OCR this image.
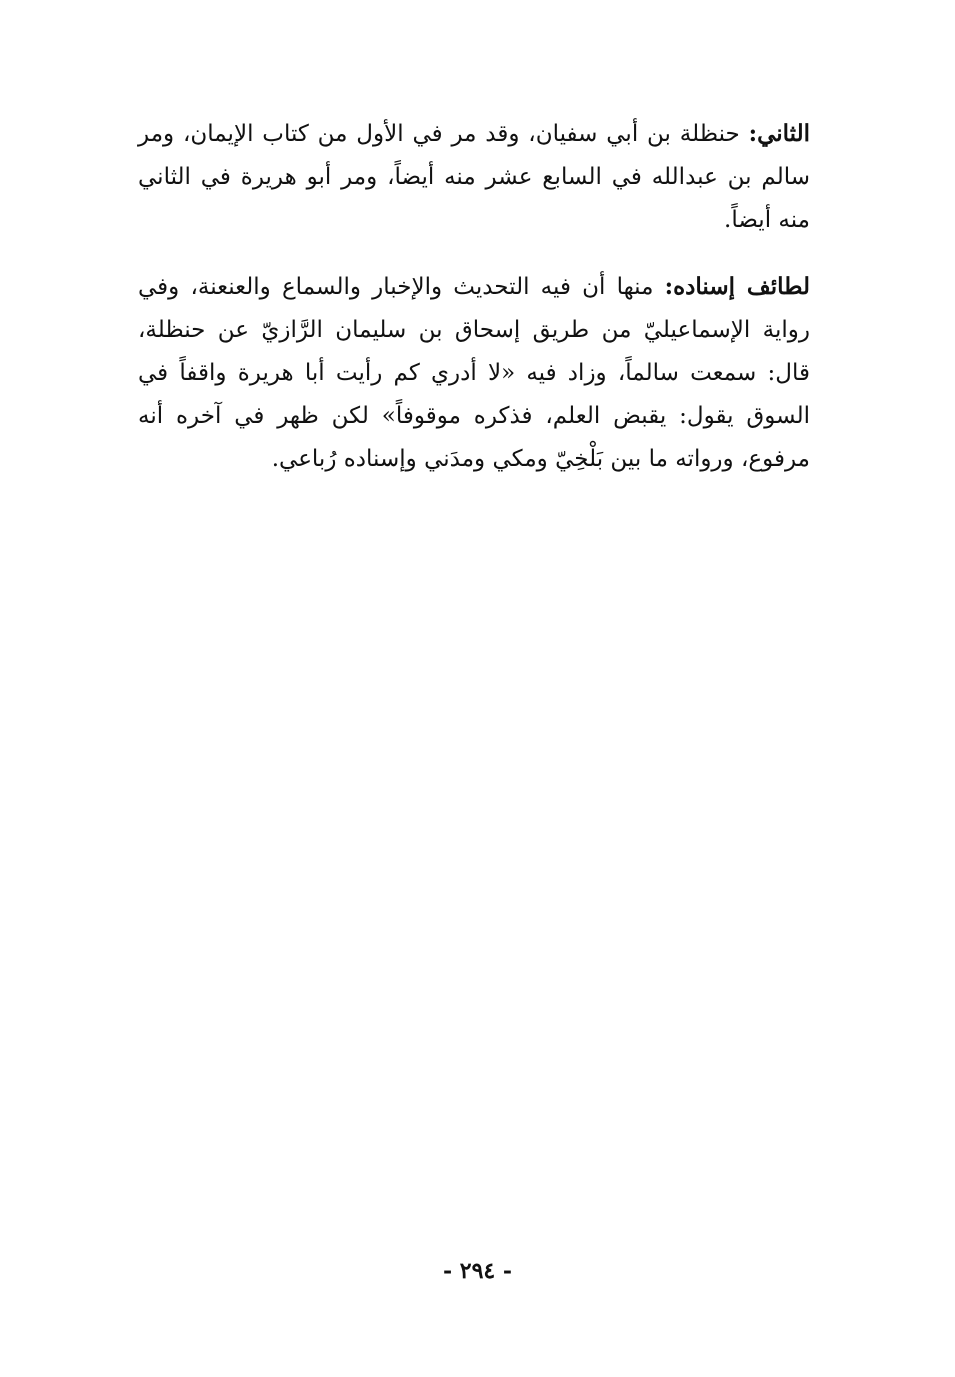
الثاني: حنظلة بن أبي سفيان، وقد مر في الأول من كتاب الإيمان، ومر سالم بن عبدالله في السابع عشر منه أيضاً، ومر أبو هريرة في الثاني منه أيضاً.

لطائف إسناده: منها أن فيه التحديث والإخبار والسماع والعنعنة، وفي رواية الإسماعيليّ من طريق إسحاق بن سليمان الرَّازيّ عن حنظلة، قال: سمعت سالماً، وزاد فيه «لا أدري كم رأيت أبا هريرة واقفاً في السوق يقول: يقبض العلم، فذكره موقوفاً» لكن ظهر في آخره أنه مرفوع، ورواته ما بين بَلْخِيّ ومكي ومدَني وإسناده رُباعي.

- ٢٩٤ -
